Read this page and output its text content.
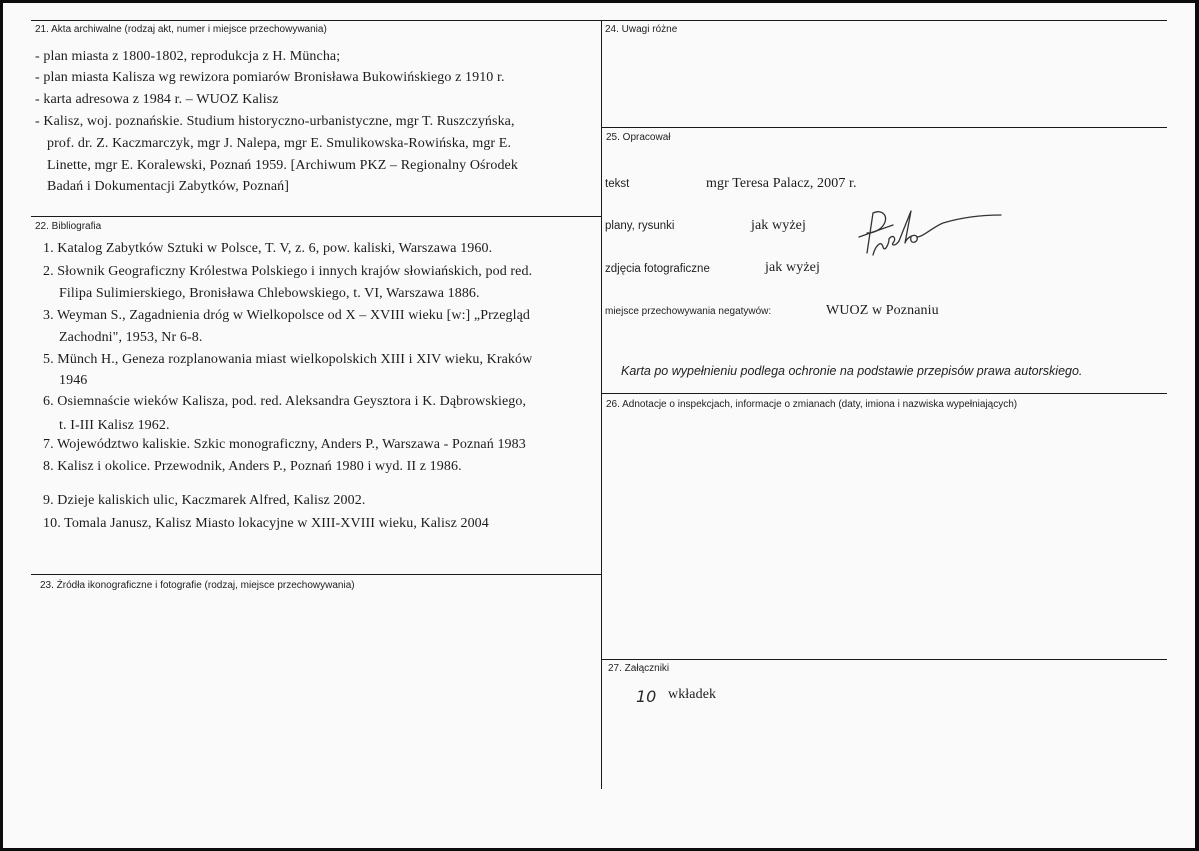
21. Akta archiwalne (rodzaj akt, numer i miejsce przechowywania)
- plan miasta z 1800-1802, reprodukcja z H. Müncha;
- plan miasta Kalisza wg rewizora pomiarów Bronisława Bukowińskiego z 1910 r.
- karta adresowa z 1984 r. – WUOZ Kalisz
- Kalisz, woj. poznańskie. Studium historyczno-urbanistyczne, mgr T. Ruszczyńska,
prof. dr. Z. Kaczmarczyk, mgr J. Nalepa, mgr E. Smulikowska-Rowińska, mgr E.
Linette, mgr E. Koralewski, Poznań 1959. [Archiwum PKZ – Regionalny Ośrodek
Badań i Dokumentacji Zabytków, Poznań]
22. Bibliografia
1. Katalog Zabytków Sztuki w Polsce, T. V, z. 6, pow. kaliski, Warszawa 1960.
2. Słownik Geograficzny Królestwa Polskiego i innych krajów słowiańskich, pod red.
Filipa Sulimierskiego, Bronisława Chlebowskiego, t. VI, Warszawa 1886.
3. Weyman S., Zagadnienia dróg w Wielkopolsce od X – XVIII wieku [w:] „Przegląd
Zachodni", 1953, Nr 6-8.
5. Münch H., Geneza rozplanowania miast wielkopolskich XIII i XIV wieku, Kraków
1946
6. Osiemnaście wieków Kalisza, pod. red. Aleksandra Geysztora i K. Dąbrowskiego,
t. I-III Kalisz 1962.
7. Województwo kaliskie. Szkic monograficzny, Anders P., Warszawa - Poznań 1983
8. Kalisz i okolice. Przewodnik, Anders P., Poznań 1980 i wyd. II z 1986.
9. Dzieje kaliskich ulic, Kaczmarek Alfred, Kalisz 2002.
10. Tomala Janusz, Kalisz Miasto lokacyjne w XIII-XVIII wieku, Kalisz 2004
23. Źródła ikonograficzne i fotografie (rodzaj, miejsce przechowywania)
24. Uwagi różne
25. Opracował
tekst	mgr Teresa Palacz, 2007 r.
plany, rysunki	jak wyżej
zdjęcia fotograficzne	jak wyżej
miejsce przechowywania negatywów:	WUOZ w Poznaniu
Karta po wypełnieniu podlega ochronie na podstawie przepisów prawa autorskiego.
26. Adnotacje o inspekcjach, informacje o zmianach (daty, imiona i nazwiska wypełniających)
27. Załączniki
10 wkładek
